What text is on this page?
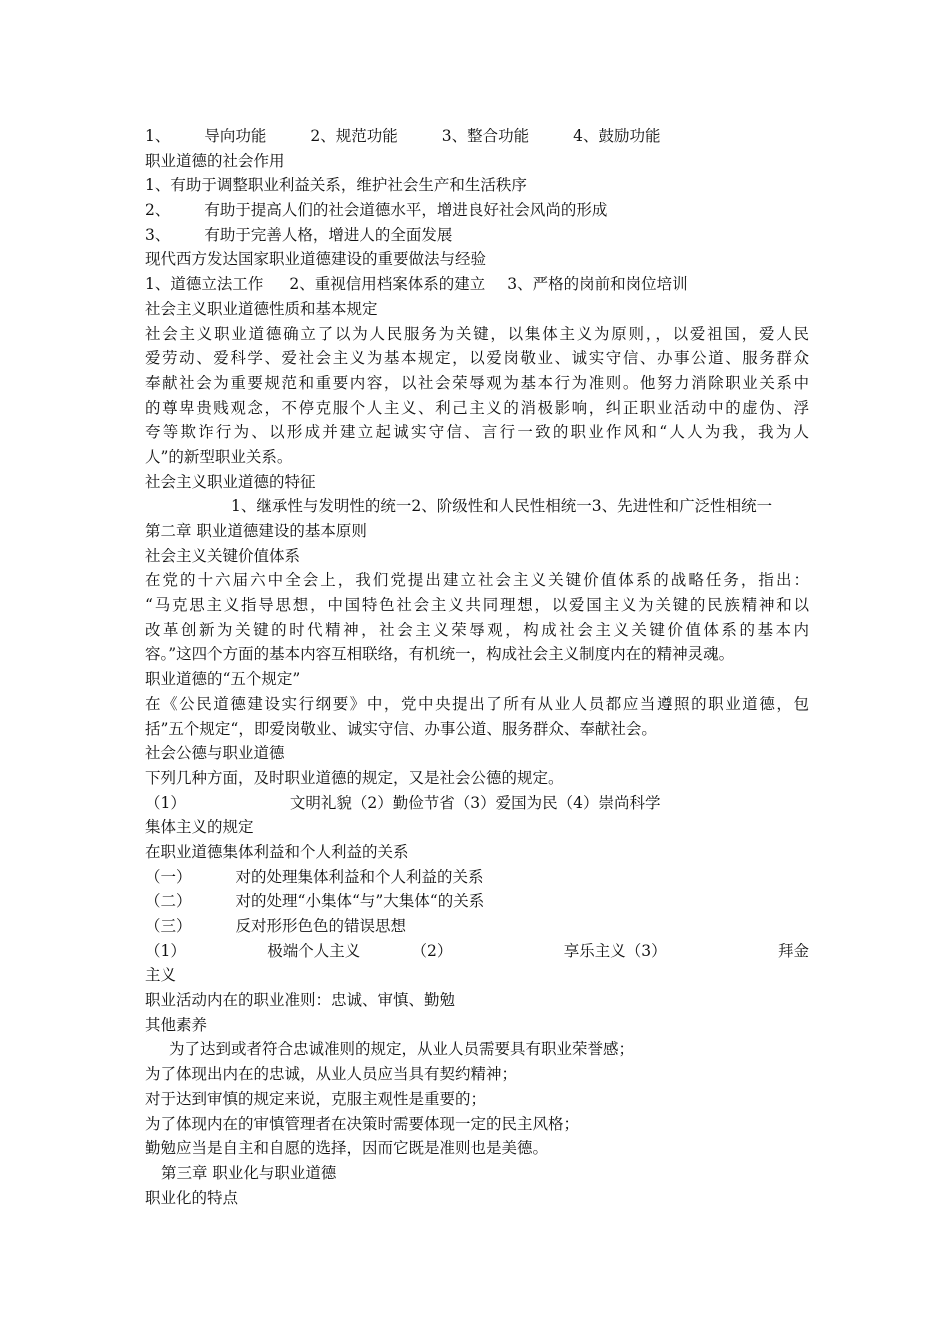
1、 导向功能	2、规范功能	3、整合功能	4、鼓励功能
职业道德的社会作用
1、有助于调整职业利益关系，维护社会生产和生活秩序
2、 有助于提高人们的社会道德水平，增进良好社会风尚的形成
3、 有助于完善人格，增进人的全面发展
现代西方发达国家职业道德建设的重要做法与经验
1、道德立法工作 2、重视信用档案体系的建立 3、严格的岗前和岗位培训
社会主义职业道德性质和基本规定
社会主义职业道德确立了以为人民服务为关键，以集体主义为原则，，以爱祖国，爱人民
爱劳动、爱科学、爱社会主义为基本规定，以爱岗敬业、诚实守信、办事公道、服务群众
奉献社会为重要规范和重要内容，以社会荣辱观为基本行为准则。他努力消除职业关系中
的尊卑贵贱观念，不停克服个人主义、利己主义的消极影响，纠正职业活动中的虚伪、浮
夸等欺诈行为、以形成并建立起诚实守信、言行一致的职业作风和“人人为我，我为人
人”的新型职业关系。
社会主义职业道德的特征
1、继承性与发明性的统一2、阶级性和人民性相统一3、先进性和广泛性相统一
第二章 职业道德建设的基本原则
社会主义关键价值体系
在党的十六届六中全会上，我们党提出建立社会主义关键价值体系的战略任务，指出：
“马克思主义指导思想，中国特色社会主义共同理想，以爱国主义为关键的民族精神和以
改革创新为关键的时代精神，社会主义荣辱观，构成社会主义关键价值体系的基本内
容。”这四个方面的基本内容互相联络，有机统一，构成社会主义制度内在的精神灵魂。
职业道德的“五个规定”
在《公民道德建设实行纲要》中，党中央提出了所有从业人员都应当遵照的职业道德，包
括”五个规定“，即爱岗敬业、诚实守信、办事公道、服务群众、奉献社会。
社会公德与职业道德
下列几种方面，及时职业道德的规定，又是社会公德的规定。
（1）	文明礼貌（2）勤俭节省（3）爱国为民（4）崇尚科学
集体主义的规定
在职业道德集体利益和个人利益的关系
（一）	对的处理集体利益和个人利益的关系
（二）	对的处理“小集体“与”大集体“的关系
（三）	反对形形色色的错误思想
（1）	极端个人主义	（2）	享乐主义（3）	拜金
主义
职业活动内在的职业准则：忠诚、审慎、勤勉
其他素养
为了达到或者符合忠诚准则的规定，从业人员需要具有职业荣誉感；
为了体现出内在的忠诚，从业人员应当具有契约精神；
对于达到审慎的规定来说，克服主观性是重要的；
为了体现内在的审慎管理者在决策时需要体现一定的民主风格；
勤勉应当是自主和自愿的选择，因而它既是准则也是美德。
第三章 职业化与职业道德
职业化的特点
